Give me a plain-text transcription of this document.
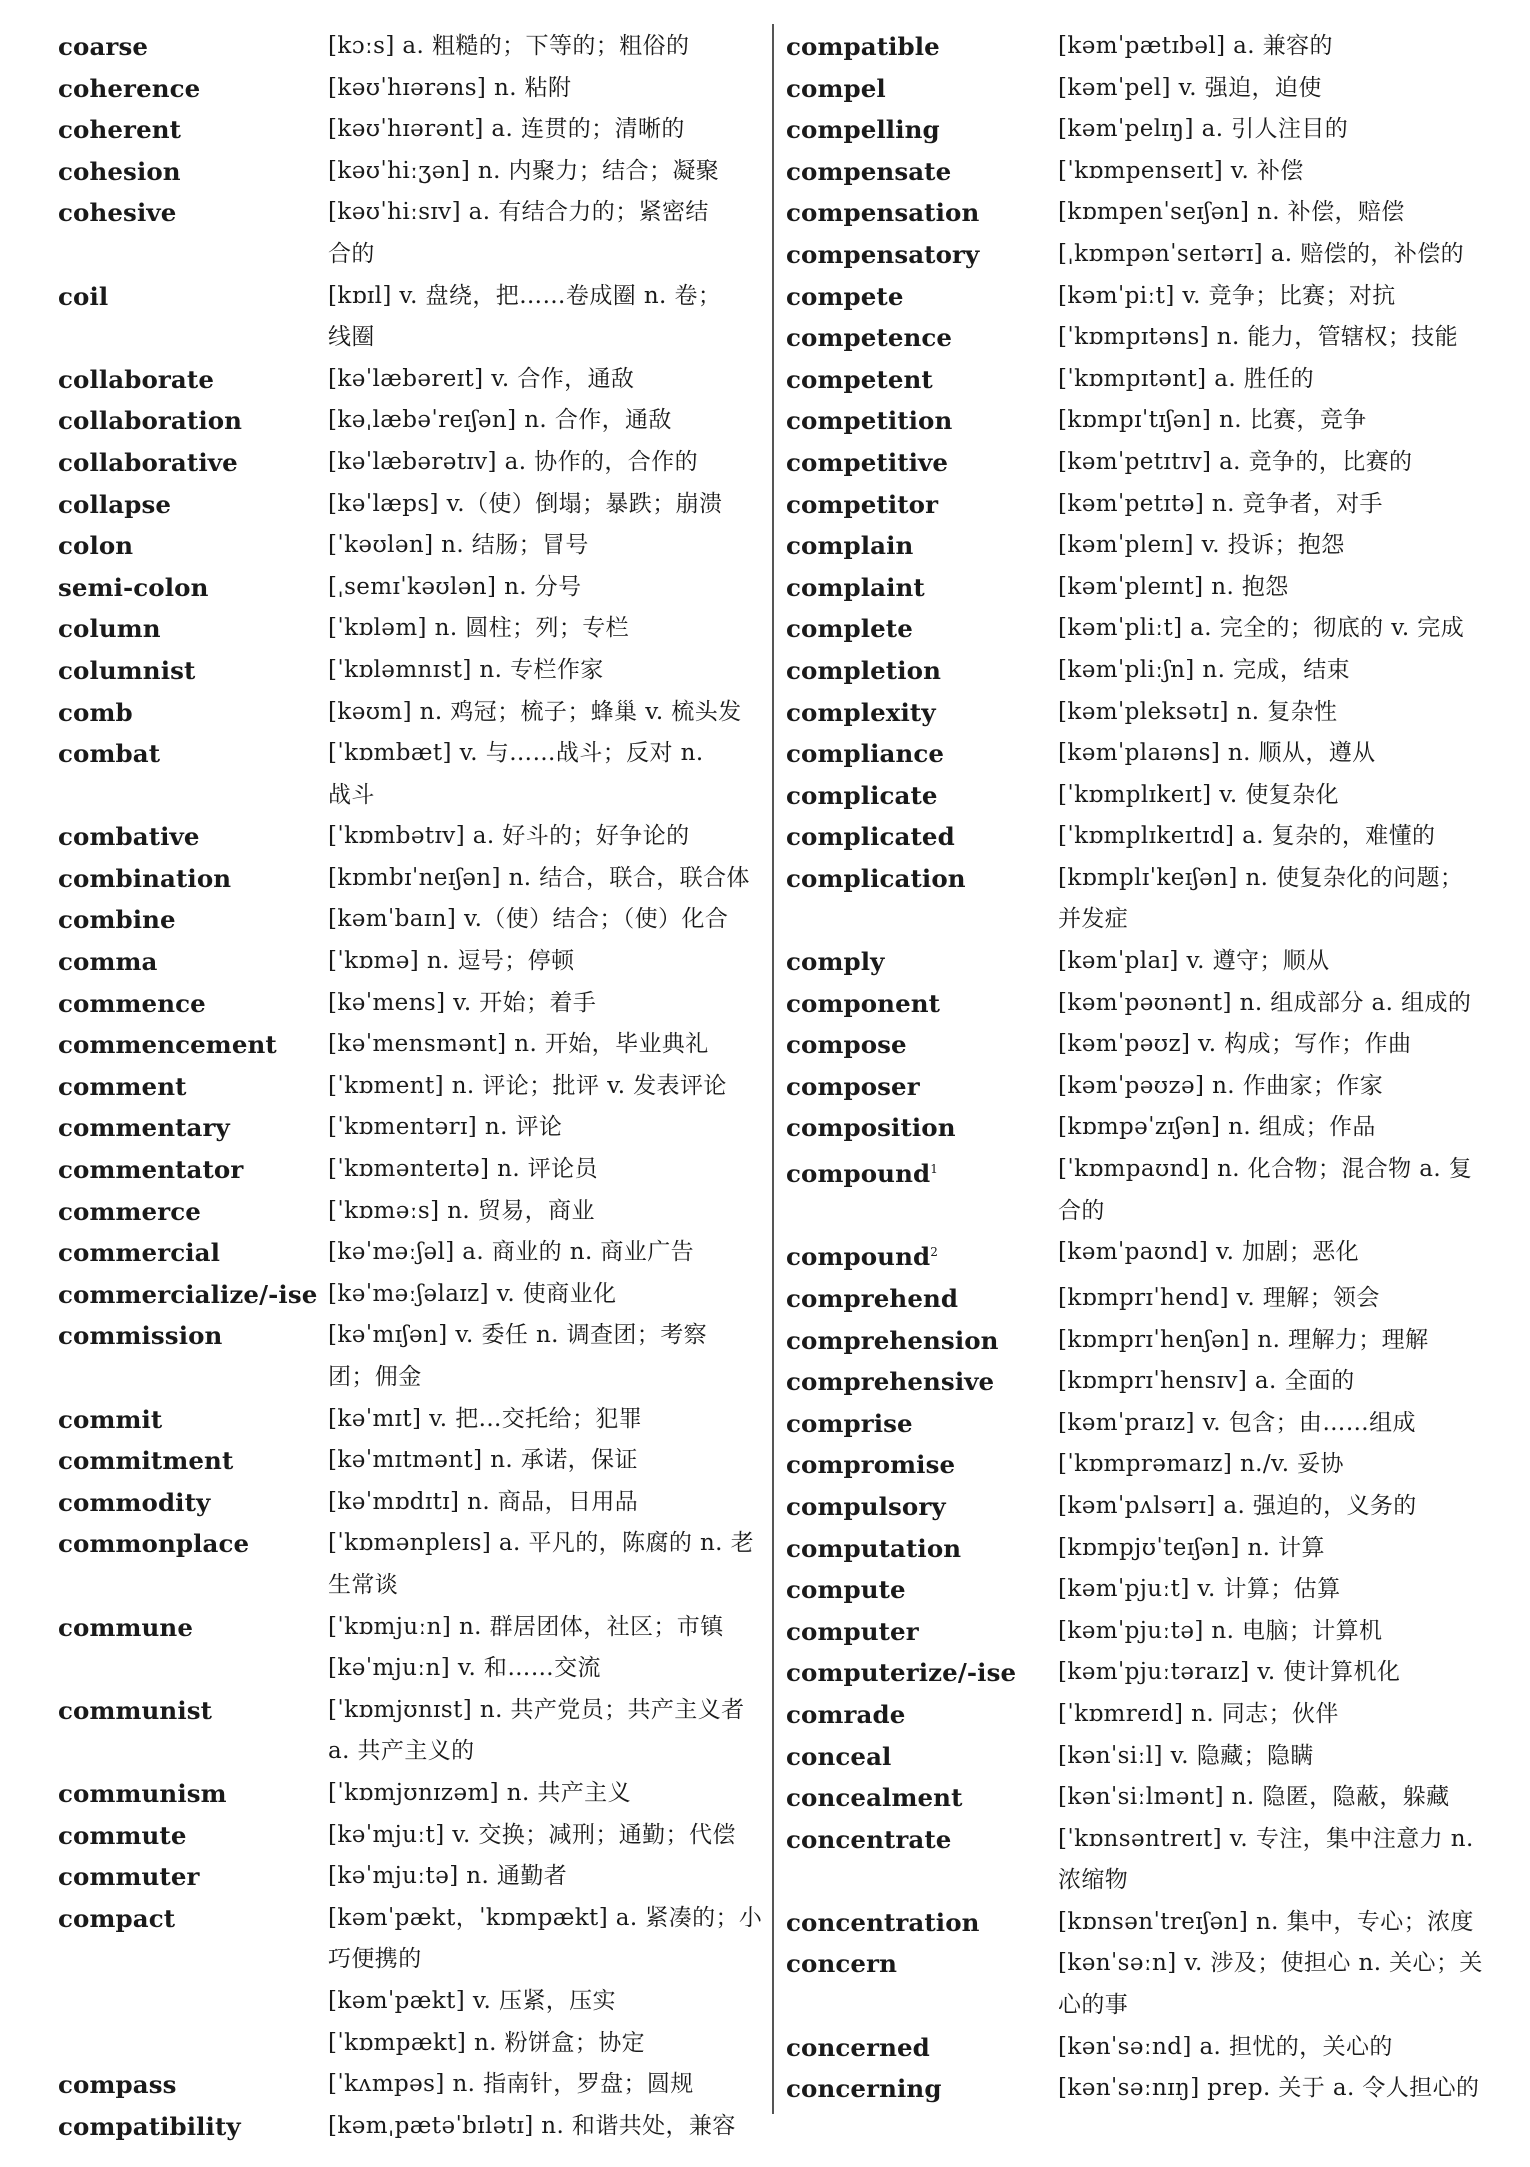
coarse	[kɔːs] a. 粗糙的；下等的；粗俗的
coherence	[kəʊˈhɪərəns] n. 粘附
coherent	[kəʊˈhɪərənt] a. 连贯的；清晰的
cohesion	[kəʊˈhiːʒən] n. 内聚力；结合；凝聚
cohesive	[kəʊˈhiːsɪv] a. 有结合力的；紧密结
合的
coil	[kɒɪl] v. 盘绕，把……卷成圈 n. 卷；
线圈
collaborate	[kəˈlæbəreɪt] v. 合作，通敌
collaboration	[kəˌlæbəˈreɪʃən] n. 合作，通敌
collaborative	[kəˈlæbərətɪv] a. 协作的，合作的
collapse	[kəˈlæps] v.（使）倒塌；暴跌；崩溃
colon	[ˈkəʊlən] n. 结肠；冒号
semi-colon	[ˌsemɪˈkəʊlən] n. 分号
column	[ˈkɒləm] n. 圆柱；列；专栏
columnist	[ˈkɒləmnɪst] n. 专栏作家
comb	[kəʊm] n. 鸡冠；梳子；蜂巢 v. 梳头发
combat	[ˈkɒmbæt] v. 与……战斗；反对 n.
战斗
combative	[ˈkɒmbətɪv] a. 好斗的；好争论的
combination	[kɒmbɪˈneɪʃən] n. 结合，联合，联合体
combine	[kəmˈbaɪn] v.（使）结合；（使）化合
comma	[ˈkɒmə] n. 逗号；停顿
commence	[kəˈmens] v. 开始；着手
commencement	[kəˈmensmənt] n. 开始，毕业典礼
comment	[ˈkɒment] n. 评论；批评 v. 发表评论
commentary	[ˈkɒmentərɪ] n. 评论
commentator	[ˈkɒmənteɪtə] n. 评论员
commerce	[ˈkɒməːs] n. 贸易，商业
commercial	[kəˈməːʃəl] a. 商业的 n. 商业广告
commercialize/-ise [kəˈməːʃəlaɪz] v. 使商业化
commission	[kəˈmɪʃən] v. 委任 n. 调查团；考察
团；佣金
commit	[kəˈmɪt] v. 把...交托给；犯罪
commitment	[kəˈmɪtmənt] n. 承诺，保证
commodity	[kəˈmɒdɪtɪ] n. 商品，日用品
commonplace	[ˈkɒmənpleɪs] a. 平凡的，陈腐的 n. 老
生常谈
commune	[ˈkɒmjuːn] n. 群居团体，社区；市镇
[kəˈmjuːn] v. 和……交流
communist	[ˈkɒmjʊnɪst] n. 共产党员；共产主义者
a. 共产主义的
communism	[ˈkɒmjʊnɪzəm] n. 共产主义
commute	[kəˈmjuːt] v. 交换；减刑；通勤；代偿
commuter	[kəˈmjuːtə] n. 通勤者
compact	[kəmˈpækt，ˈkɒmpækt] a. 紧凑的；小
巧便携的
[kəmˈpækt] v. 压紧，压实
[ˈkɒmpækt] n. 粉饼盒；协定
compass	[ˈkʌmpəs] n. 指南针，罗盘；圆规
compatibility	[kəmˌpætəˈbɪlətɪ] n. 和谐共处，兼容
compatible	[kəmˈpætɪbəl] a. 兼容的
compel	[kəmˈpel] v. 强迫，迫使
compelling	[kəmˈpelɪŋ] a. 引人注目的
compensate	[ˈkɒmpenseɪt] v. 补偿
compensation	[kɒmpenˈseɪʃən] n. 补偿，赔偿
compensatory	[ˌkɒmpənˈseɪtərɪ] a. 赔偿的，补偿的
compete	[kəmˈpiːt] v. 竞争；比赛；对抗
competence	[ˈkɒmpɪtəns] n. 能力，管辖权；技能
competent	[ˈkɒmpɪtənt] a. 胜任的
competition	[kɒmpɪˈtɪʃən] n. 比赛，竞争
competitive	[kəmˈpetɪtɪv] a. 竞争的，比赛的
competitor	[kəmˈpetɪtə] n. 竞争者，对手
complain	[kəmˈpleɪn] v. 投诉；抱怨
complaint	[kəmˈpleɪnt] n. 抱怨
complete	[kəmˈpliːt] a. 完全的；彻底的 v. 完成
completion	[kəmˈpliːʃn] n. 完成，结束
complexity	[kəmˈpleksətɪ] n. 复杂性
compliance	[kəmˈplaɪəns] n. 顺从，遵从
complicate	[ˈkɒmplɪkeɪt] v. 使复杂化
complicated	[ˈkɒmplɪkeɪtɪd] a. 复杂的，难懂的
complication	[kɒmplɪˈkeɪʃən] n. 使复杂化的问题；
并发症
comply	[kəmˈplaɪ] v. 遵守；顺从
component	[kəmˈpəʊnənt] n. 组成部分 a. 组成的
compose	[kəmˈpəʊz] v. 构成；写作；作曲
composer	[kəmˈpəʊzə] n. 作曲家；作家
composition	[kɒmpəˈzɪʃən] n. 组成；作品
compound$^1$	[ˈkɒmpaʊnd] n. 化合物；混合物 a. 复
合的
compound$^2$	[kəmˈpaʊnd] v. 加剧；恶化
comprehend	[kɒmprɪˈhend] v. 理解；领会
comprehension	[kɒmprɪˈhenʃən] n. 理解力；理解
comprehensive	[kɒmprɪˈhensɪv] a. 全面的
comprise	[kəmˈpraɪz] v. 包含；由……组成
compromise	[ˈkɒmprəmaɪz] n./v. 妥协
compulsory	[kəmˈpʌlsərɪ] a. 强迫的，义务的
computation	[kɒmpjʊˈteɪʃən] n. 计算
compute	[kəmˈpjuːt] v. 计算；估算
computer	[kəmˈpjuːtə] n. 电脑；计算机
computerize/-ise	[kəmˈpjuːtəraɪz] v. 使计算机化
comrade	[ˈkɒmreɪd] n. 同志；伙伴
conceal	[kənˈsiːl] v. 隐藏；隐瞒
concealment	[kənˈsiːlmənt] n. 隐匿，隐蔽，躲藏
concentrate	[ˈkɒnsəntreɪt] v. 专注，集中注意力 n.
浓缩物
concentration	[kɒnsənˈtreɪʃən] n. 集中，专心；浓度
concern	[kənˈsəːn] v. 涉及；使担心 n. 关心；关
心的事
concerned	[kənˈsəːnd] a. 担忧的，关心的
concerning	[kənˈsəːnɪŋ] prep. 关于 a. 令人担心的
